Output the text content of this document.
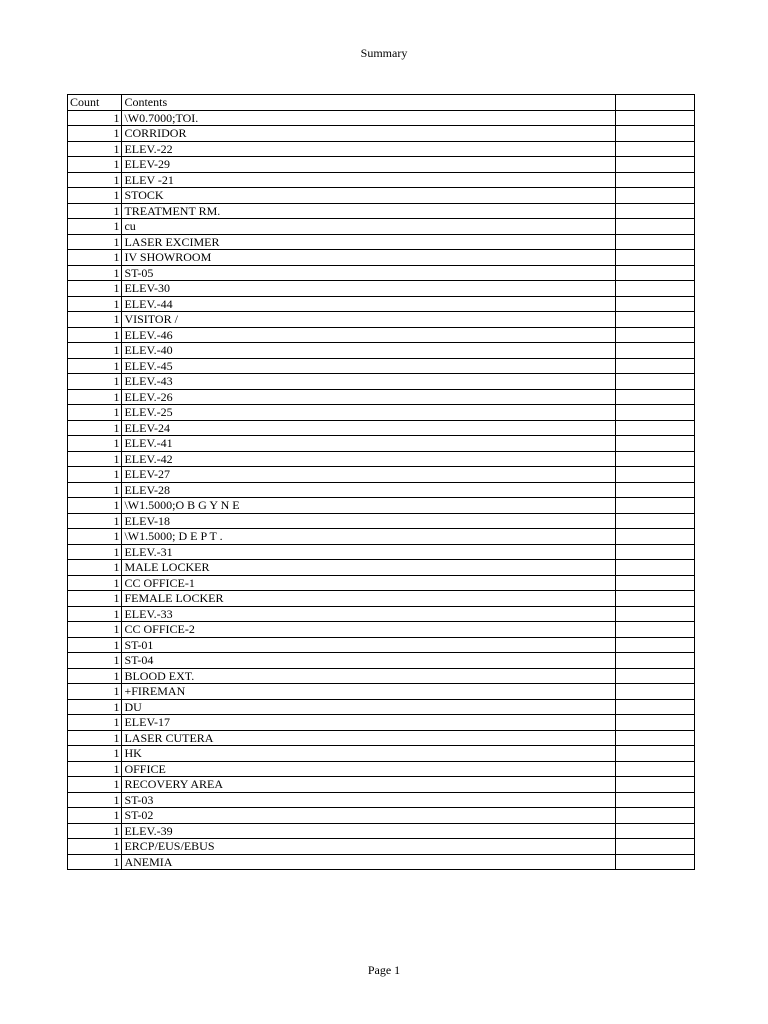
Summary
Count	Contents	
1	\W0.7000;TOI.	
1	CORRIDOR	
1	ELEV.-22	
1	ELEV-29	
1	ELEV -21	
1	STOCK	
1	TREATMENT RM.	
1	cu	
1	LASER EXCIMER	
1	IV SHOWROOM	
1	ST-05	
1	ELEV-30	
1	ELEV.-44	
1	VISITOR /	
1	ELEV.-46	
1	ELEV.-40	
1	ELEV.-45	
1	ELEV.-43	
1	ELEV.-26	
1	ELEV.-25	
1	ELEV-24	
1	ELEV.-41	
1	ELEV.-42	
1	ELEV-27	
1	ELEV-28	
1	\W1.5000;O B G Y N E	
1	ELEV-18	
1	\W1.5000; D E P T .	
1	ELEV.-31	
1	MALE LOCKER	
1	CC OFFICE-1	
1	FEMALE LOCKER	
1	ELEV.-33	
1	CC OFFICE-2	
1	ST-01	
1	ST-04	
1	BLOOD EXT.	
1	+FIREMAN	
1	DU	
1	ELEV-17	
1	LASER CUTERA	
1	HK	
1	OFFICE	
1	RECOVERY AREA	
1	ST-03	
1	ST-02	
1	ELEV.-39	
1	ERCP/EUS/EBUS	
1	ANEMIA	
Page 1
